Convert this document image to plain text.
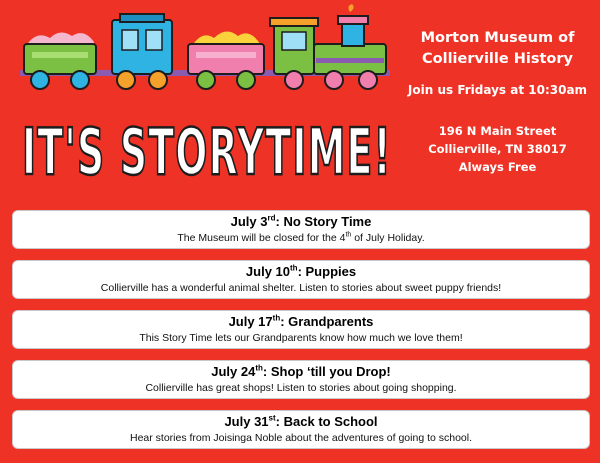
IT'S STORYTIME!
Morton Museum of
Collierville History
Join us Fridays at 10:30am
196 N Main Street
Collierville, TN 38017
Always Free
July 3rd: No Story Time
The Museum will be closed for the 4th of July Holiday.
July 10th: Puppies
Collierville has a wonderful animal shelter. Listen to stories about sweet puppy friends!
July 17th: Grandparents
This Story Time lets our Grandparents know how much we love them!
July 24th: Shop ‘till you Drop!
Collierville has great shops! Listen to stories about going shopping.
July 31st: Back to School
Hear stories from Joisinga Noble about the adventures of going to school.
